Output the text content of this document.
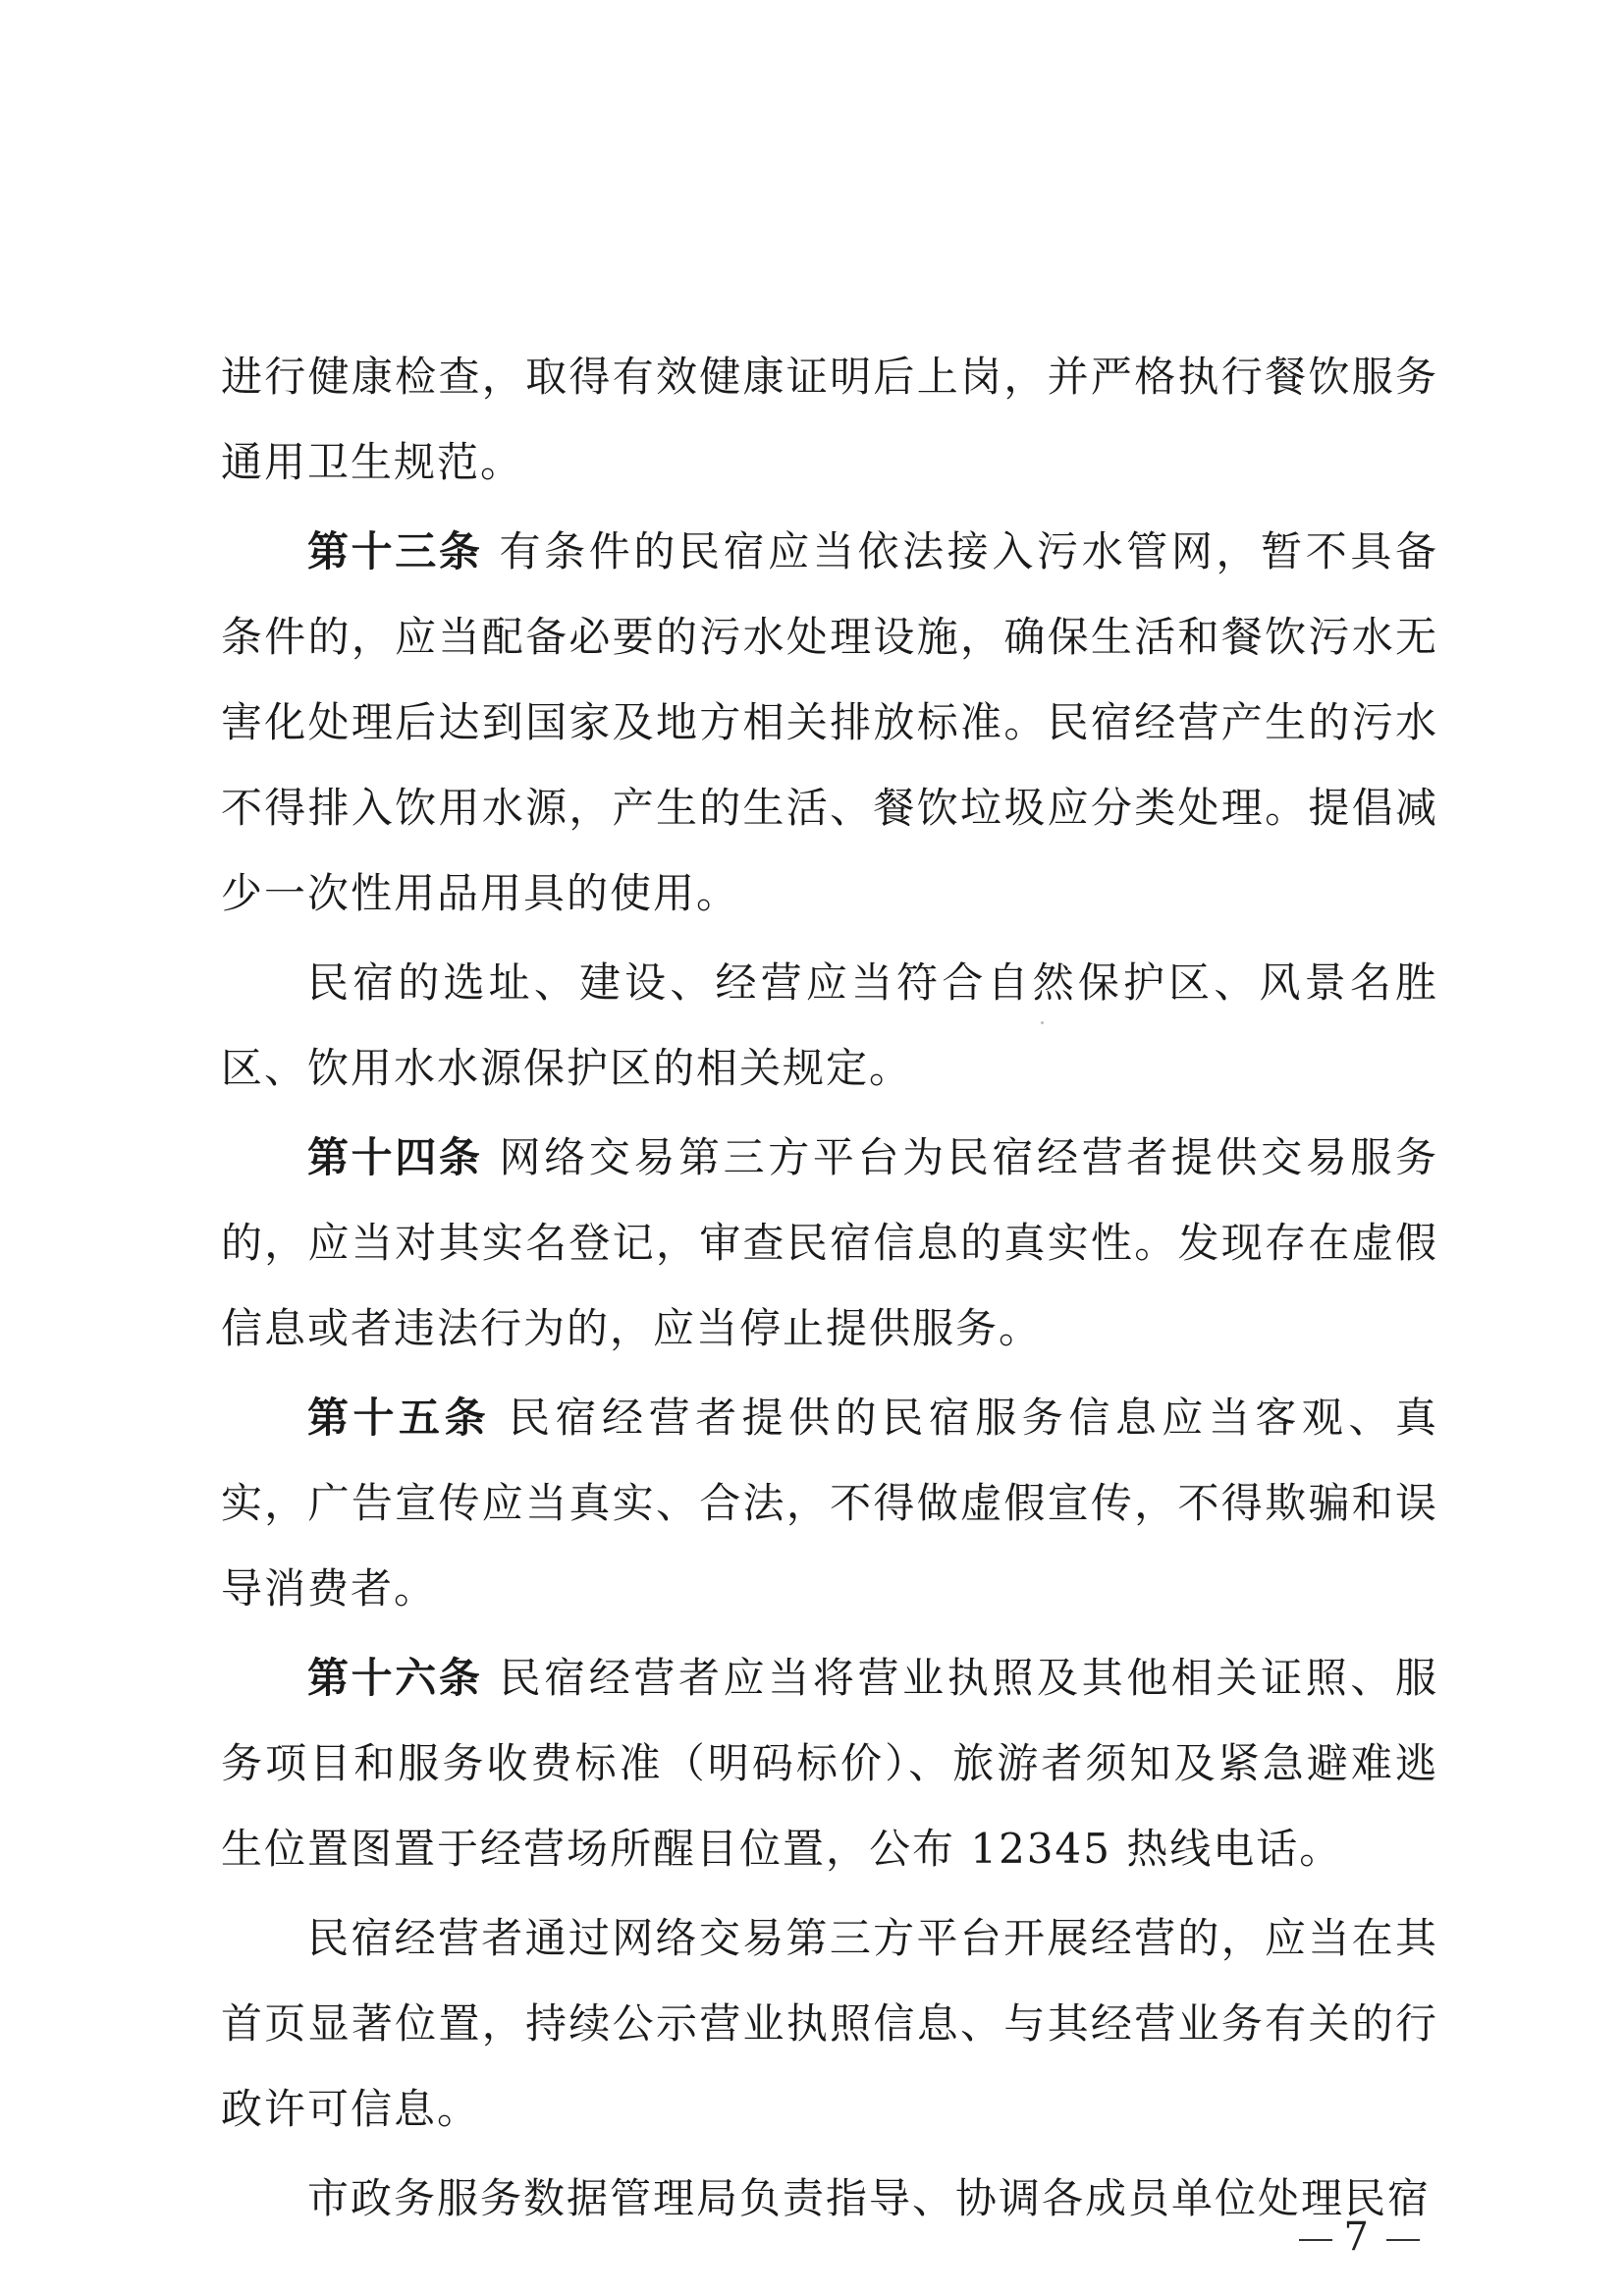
进行健康检查，取得有效健康证明后上岗，并严格执行餐饮服务通用卫生规范。

第十三条 有条件的民宿应当依法接入污水管网，暂不具备条件的，应当配备必要的污水处理设施，确保生活和餐饮污水无害化处理后达到国家及地方相关排放标准。民宿经营产生的污水不得排入饮用水源，产生的生活、餐饮垃圾应分类处理。提倡减少一次性用品用具的使用。

民宿的选址、建设、经营应当符合自然保护区、风景名胜区、饮用水水源保护区的相关规定。

第十四条 网络交易第三方平台为民宿经营者提供交易服务的，应当对其实名登记，审查民宿信息的真实性。发现存在虚假信息或者违法行为的，应当停止提供服务。

第十五条 民宿经营者提供的民宿服务信息应当客观、真实，广告宣传应当真实、合法，不得做虚假宣传，不得欺骗和误导消费者。

第十六条 民宿经营者应当将营业执照及其他相关证照、服务项目和服务收费标准（明码标价）、旅游者须知及紧急避难逃生位置图置于经营场所醒目位置，公布 12345 热线电话。

民宿经营者通过网络交易第三方平台开展经营的，应当在其首页显著位置，持续公示营业执照信息、与其经营业务有关的行政许可信息。

市政务服务数据管理局负责指导、协调各成员单位处理民宿

7
